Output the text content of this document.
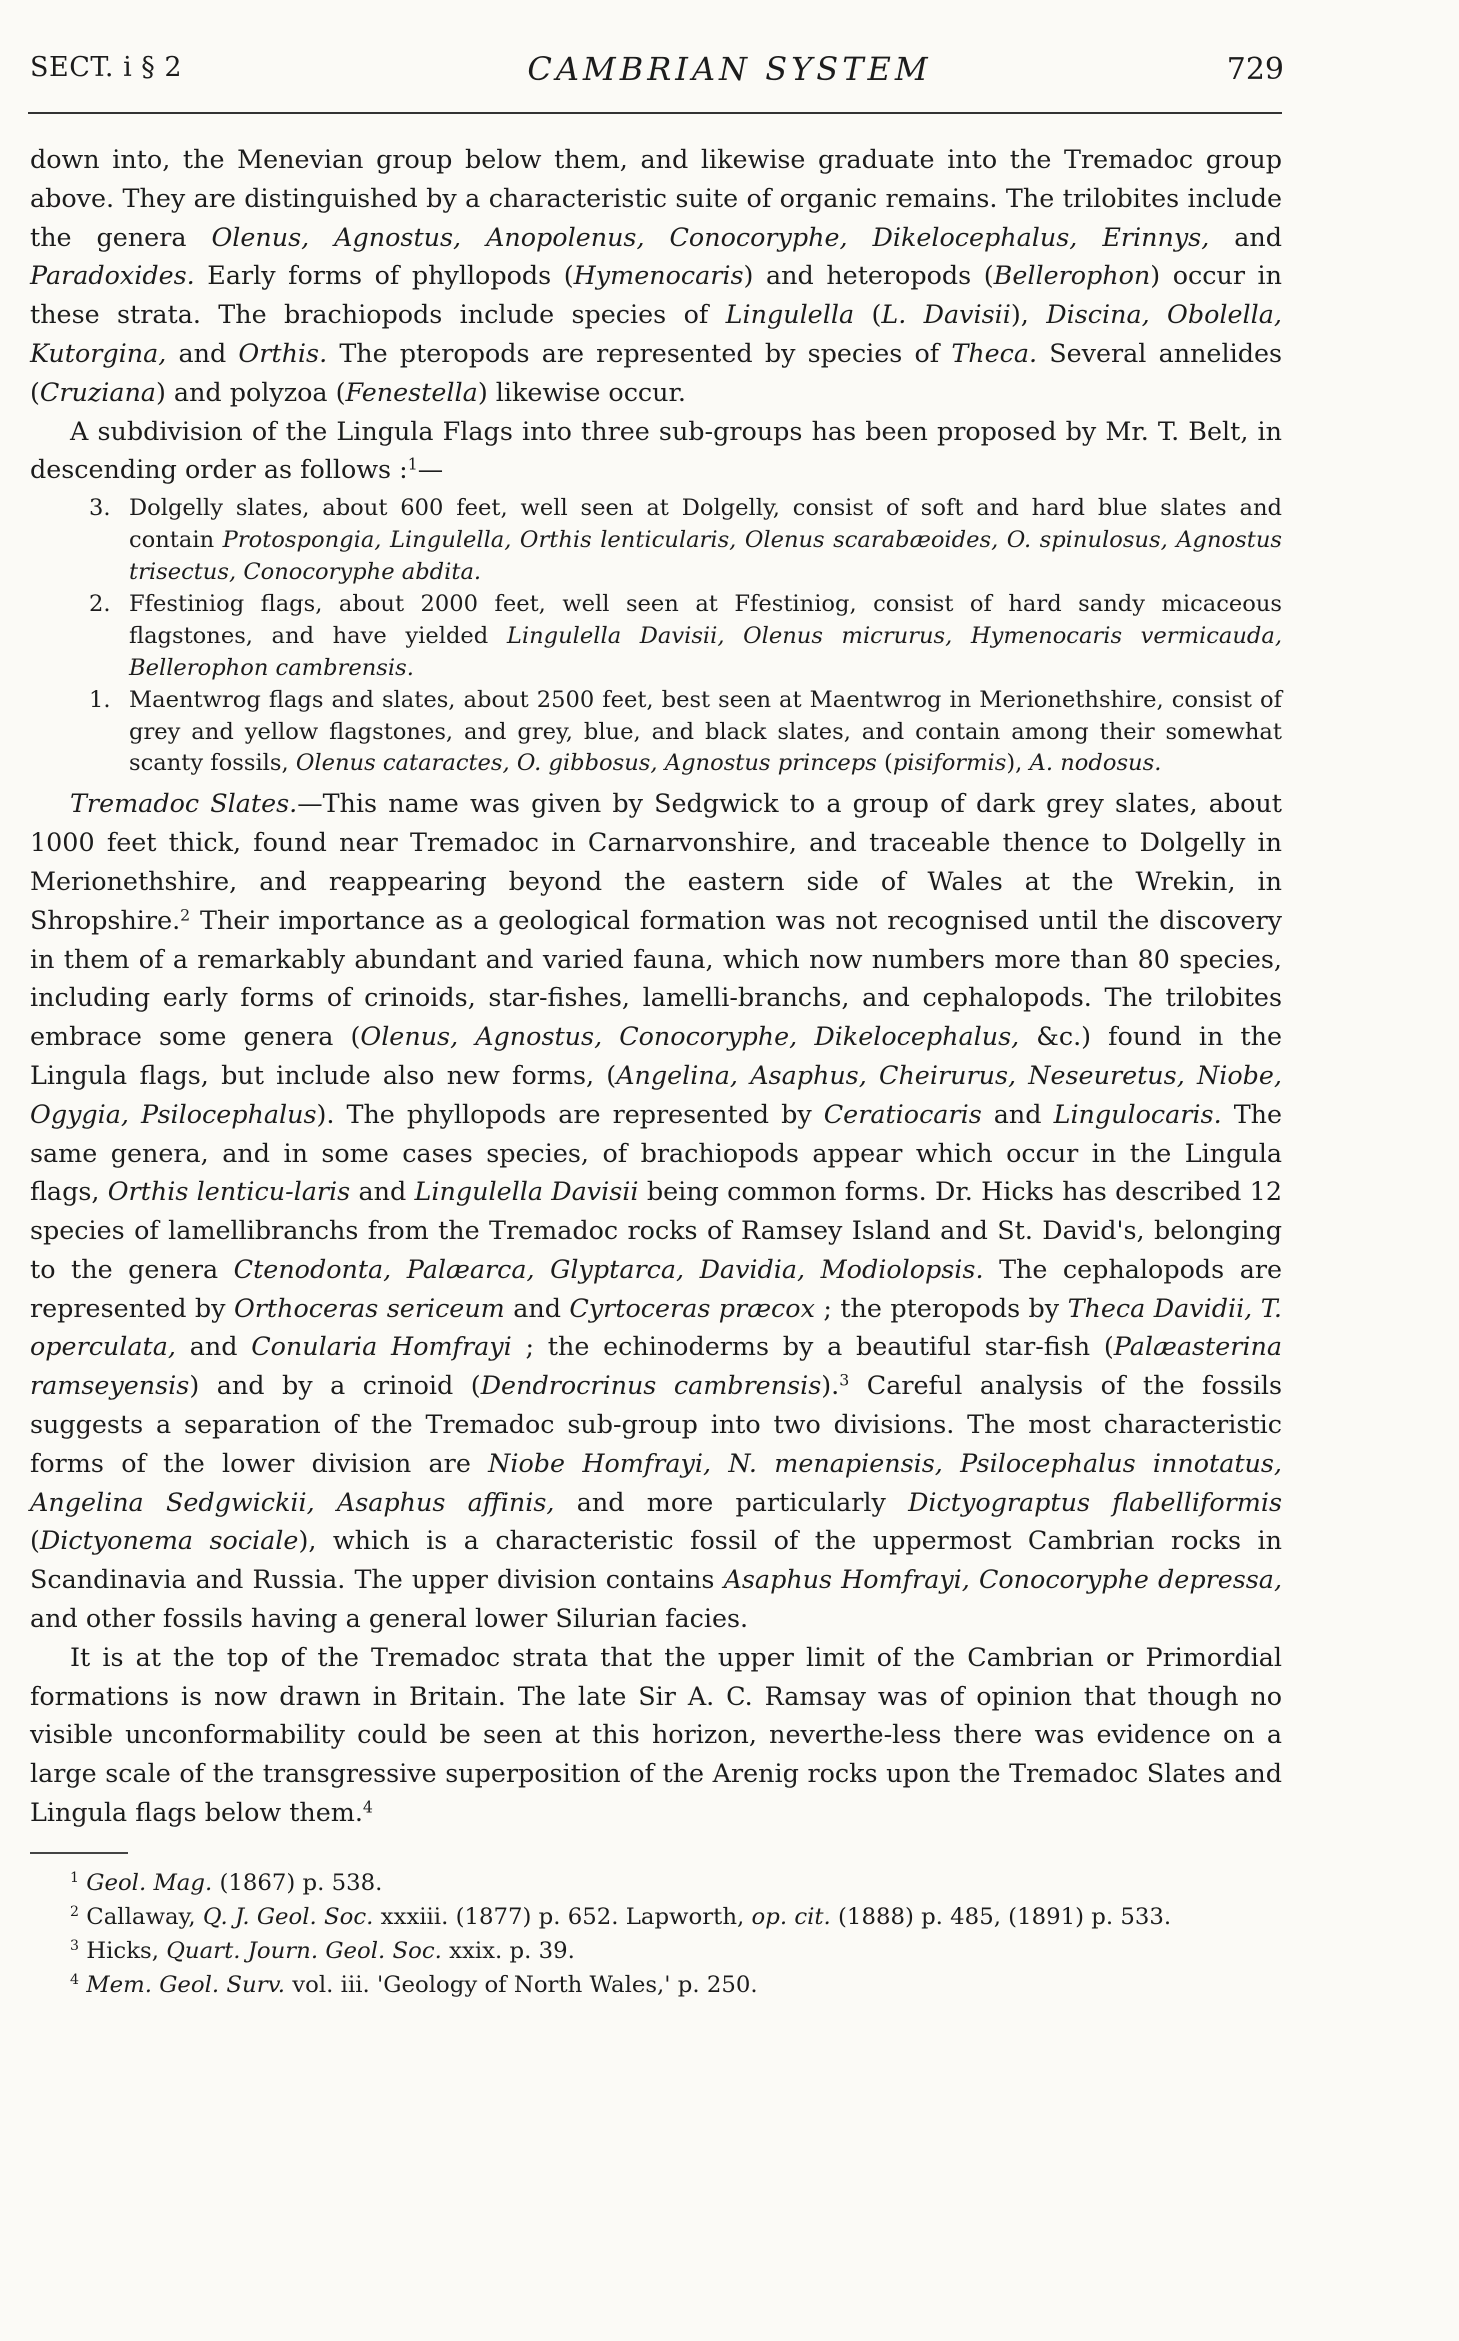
SECT. i § 2	CAMBRIAN SYSTEM	729

down into, the Menevian group below them, and likewise graduate into the Tremadoc group above. They are distinguished by a characteristic suite of organic remains. The trilobites include the genera Olenus, Agnostus, Anopolenus, Conocoryphe, Dikelocephalus, Erinnys, and Paradoxides. Early forms of phyllopods (Hymenocaris) and heteropods (Bellerophon) occur in these strata. The brachiopods include species of Lingulella (L. Davisii), Discina, Obolella, Kutorgina, and Orthis. The pteropods are represented by species of Theca. Several annelides (Cruziana) and polyzoa (Fenestella) likewise occur.

A subdivision of the Lingula Flags into three sub-groups has been proposed by Mr. T. Belt, in descending order as follows :$^1$—

3. Dolgelly slates, about 600 feet, well seen at Dolgelly, consist of soft and hard blue slates and contain Protospongia, Lingulella, Orthis lenticularis, Olenus scarabæoides, O. spinulosus, Agnostus trisectus, Conocoryphe abdita.
2. Ffestiniog flags, about 2000 feet, well seen at Ffestiniog, consist of hard sandy micaceous flagstones, and have yielded Lingulella Davisii, Olenus micrurus, Hymenocaris vermicauda, Bellerophon cambrensis.
1. Maentwrog flags and slates, about 2500 feet, best seen at Maentwrog in Merionethshire, consist of grey and yellow flagstones, and grey, blue, and black slates, and contain among their somewhat scanty fossils, Olenus cataractes, O. gibbosus, Agnostus princeps (pisiformis), A. nodosus.

Tremadoc Slates.—This name was given by Sedgwick to a group of dark grey slates, about 1000 feet thick, found near Tremadoc in Carnarvonshire, and traceable thence to Dolgelly in Merionethshire, and reappearing beyond the eastern side of Wales at the Wrekin, in Shropshire.$^2$ Their importance as a geological formation was not recognised until the discovery in them of a remarkably abundant and varied fauna, which now numbers more than 80 species, including early forms of crinoids, star-fishes, lamelli-branchs, and cephalopods. The trilobites embrace some genera (Olenus, Agnostus, Conocoryphe, Dikelocephalus, &c.) found in the Lingula flags, but include also new forms, (Angelina, Asaphus, Cheirurus, Neseuretus, Niobe, Ogygia, Psilocephalus). The phyllopods are represented by Ceratiocaris and Lingulocaris. The same genera, and in some cases species, of brachiopods appear which occur in the Lingula flags, Orthis lenticu-laris and Lingulella Davisii being common forms. Dr. Hicks has described 12 species of lamellibranchs from the Tremadoc rocks of Ramsey Island and St. David's, belonging to the genera Ctenodonta, Palæarca, Glyptarca, Davidia, Modiolopsis. The cephalopods are represented by Orthoceras sericeum and Cyrtoceras præcox ; the pteropods by Theca Davidii, T. operculata, and Conularia Homfrayi ; the echinoderms by a beautiful star-fish (Palæasterina ramseyensis) and by a crinoid (Dendrocrinus cambrensis).$^3$ Careful analysis of the fossils suggests a separation of the Tremadoc sub-group into two divisions. The most characteristic forms of the lower division are Niobe Homfrayi, N. menapiensis, Psilocephalus innotatus, Angelina Sedgwickii, Asaphus affinis, and more particularly Dictyograptus flabelliformis (Dictyonema sociale), which is a characteristic fossil of the uppermost Cambrian rocks in Scandinavia and Russia. The upper division contains Asaphus Homfrayi, Conocoryphe depressa, and other fossils having a general lower Silurian facies.

It is at the top of the Tremadoc strata that the upper limit of the Cambrian or Primordial formations is now drawn in Britain. The late Sir A. C. Ramsay was of opinion that though no visible unconformability could be seen at this horizon, neverthe-less there was evidence on a large scale of the transgressive superposition of the Arenig rocks upon the Tremadoc Slates and Lingula flags below them.$^4$

$^1$ Geol. Mag. (1867) p. 538.
$^2$ Callaway, Q. J. Geol. Soc. xxxiii. (1877) p. 652. Lapworth, op. cit. (1888) p. 485, (1891) p. 533.
$^3$ Hicks, Quart. Journ. Geol. Soc. xxix. p. 39.
$^4$ Mem. Geol. Surv. vol. iii. 'Geology of North Wales,' p. 250.
